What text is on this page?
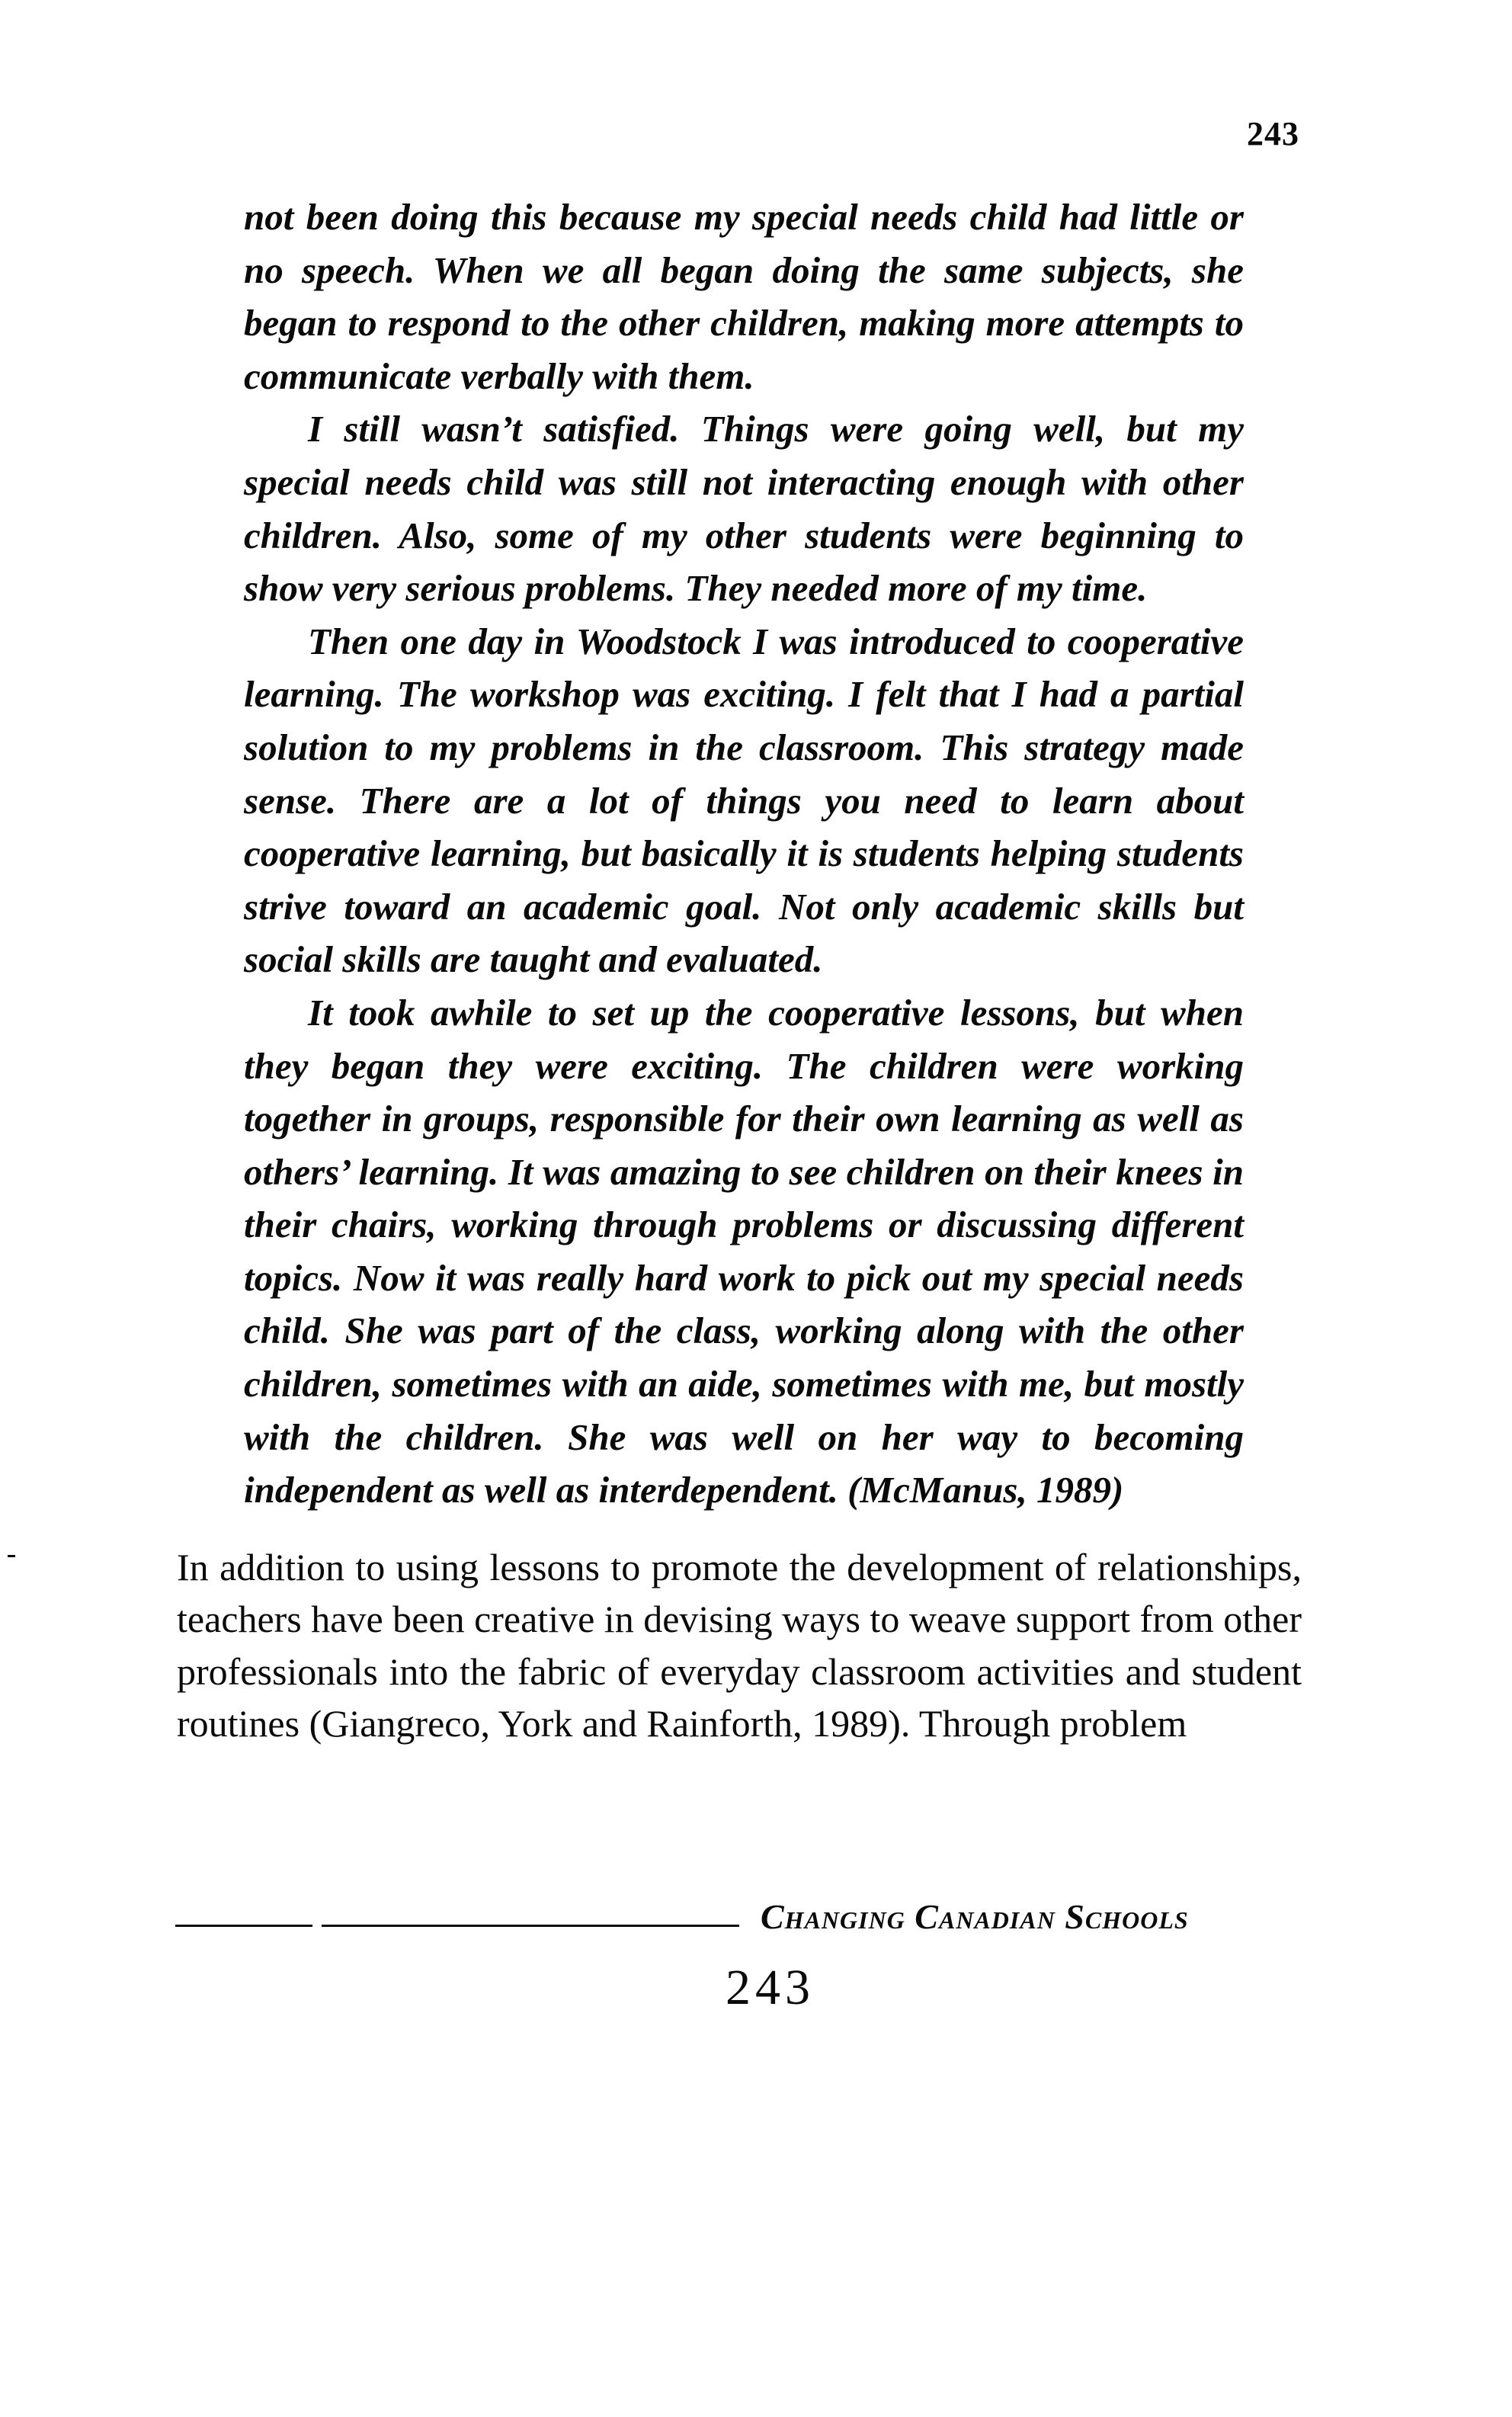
243

not been doing this because my special needs child had little or no speech. When we all began doing the same subjects, she began to respond to the other children, making more attempts to communicate verbally with them.

I still wasn’t satisfied. Things were going well, but my special needs child was still not interacting enough with other children. Also, some of my other students were beginning to show very serious problems. They needed more of my time.

Then one day in Woodstock I was introduced to cooperative learning. The workshop was exciting. I felt that I had a partial solution to my problems in the classroom. This strategy made sense. There are a lot of things you need to learn about cooperative learning, but basically it is students helping students strive toward an academic goal. Not only academic skills but social skills are taught and evaluated.

It took awhile to set up the cooperative lessons, but when they began they were exciting. The children were working together in groups, responsible for their own learning as well as others’ learning. It was amazing to see children on their knees in their chairs, working through problems or discussing different topics. Now it was really hard work to pick out my special needs child. She was part of the class, working along with the other children, sometimes with an aide, sometimes with me, but mostly with the children. She was well on her way to becoming independent as well as interdependent. (McManus, 1989)

In addition to using lessons to promote the development of relationships, teachers have been creative in devising ways to weave support from other professionals into the fabric of everyday classroom activities and student routines (Giangreco, York and Rainforth, 1989). Through problem

Changing Canadian Schools
243
